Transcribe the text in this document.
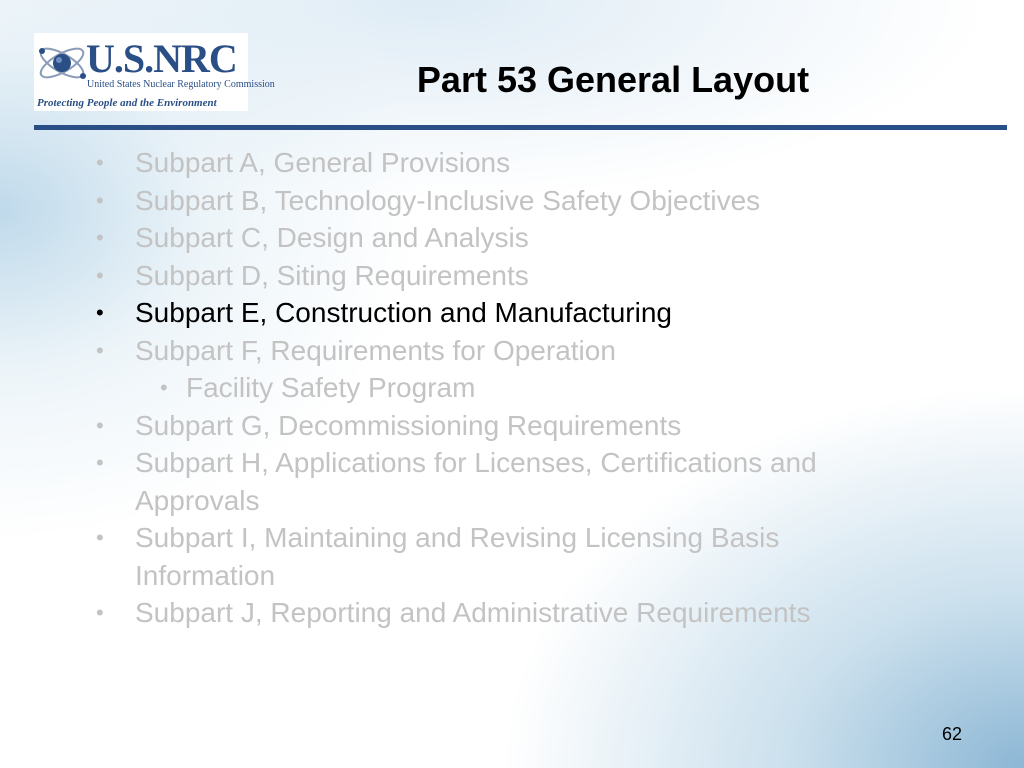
U.S.NRC
United States Nuclear Regulatory Commission
Protecting People and the Environment
Part 53 General Layout
• Subpart A, General Provisions
• Subpart B, Technology-Inclusive Safety Objectives
• Subpart C, Design and Analysis
• Subpart D, Siting Requirements
• Subpart E, Construction and Manufacturing
• Subpart F, Requirements for Operation
• Facility Safety Program
• Subpart G, Decommissioning Requirements
• Subpart H, Applications for Licenses, Certifications and Approvals
• Subpart I, Maintaining and Revising Licensing Basis Information
• Subpart J, Reporting and Administrative Requirements
62
